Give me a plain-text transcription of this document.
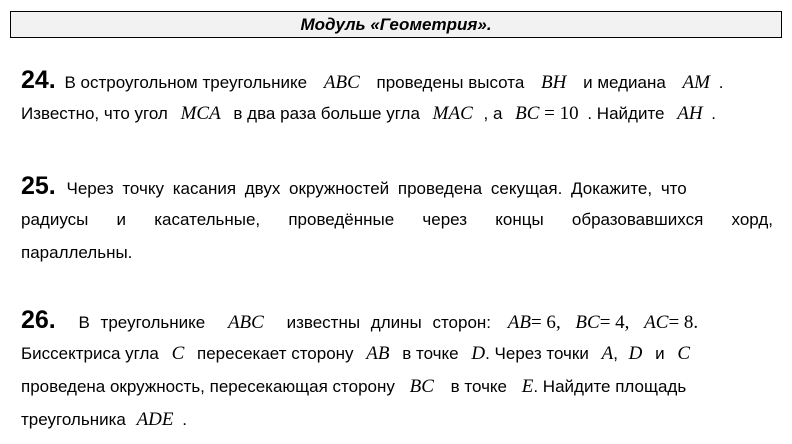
Модуль «Геометрия».
24. В остроугольном треугольнике ABC проведены высота BH и медиана AM .
Известно, что угол MCA в два раза больше угла MAC , а BC = 10 . Найдите AH .
25. Через точку касания двух окружностей проведена секущая. Докажите, что
радиусы и касательные, проведённые через концы образовавшихся хорд,
параллельны.
26. В треугольнике ABC известны длины сторон: AB= 6, BC= 4, AC= 8.
Биссектриса угла C пересекает сторону AB в точке D. Через точки A, D и C
проведена окружность, пересекающая сторону BC в точке E. Найдите площадь
треугольника ADE .
